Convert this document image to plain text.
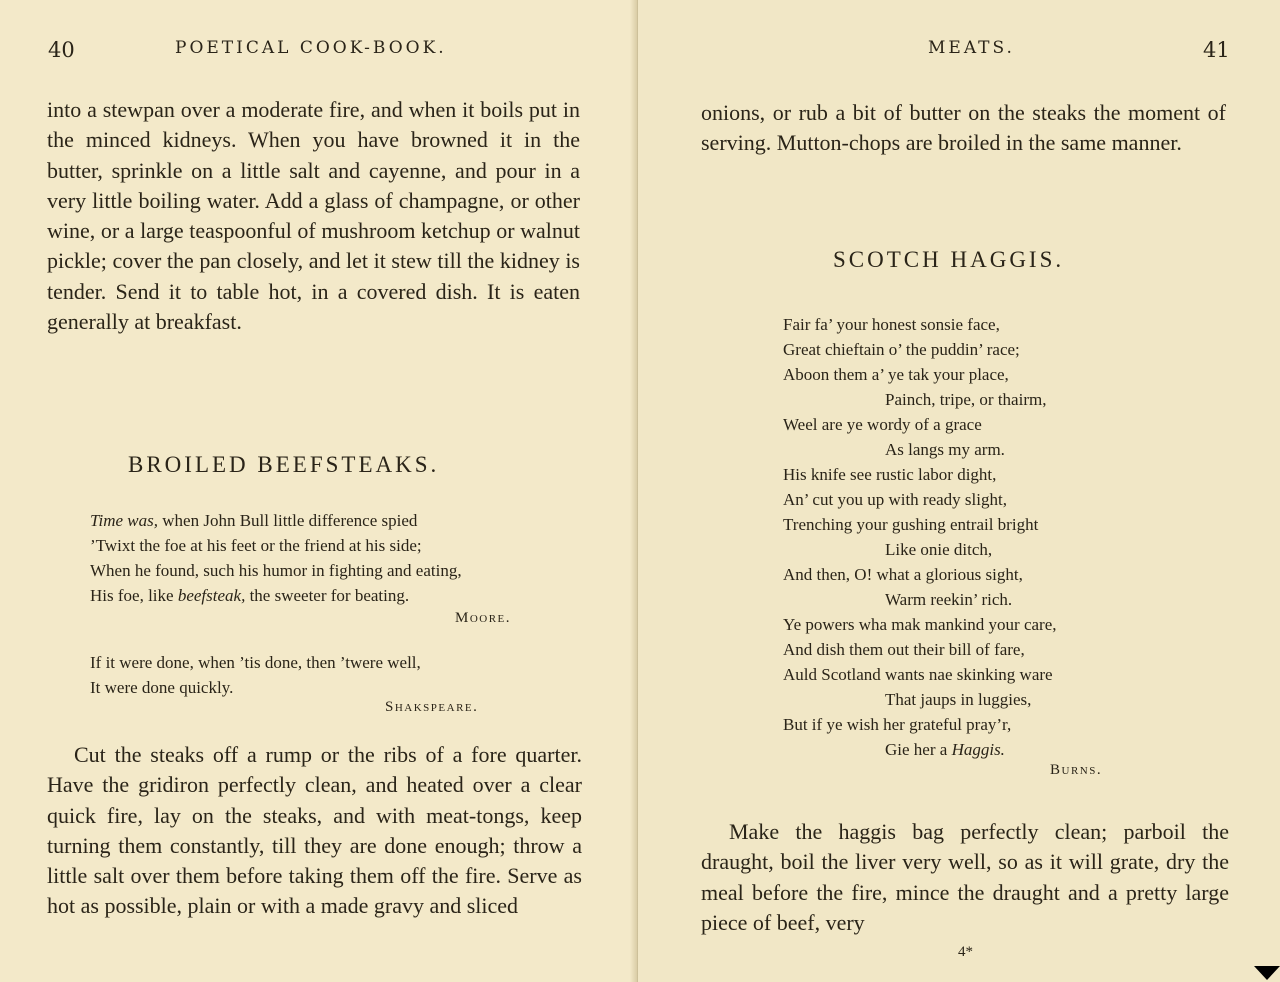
40	POETICAL COOK-BOOK.

into a stewpan over a moderate fire, and when it boils put in the minced kidneys. When you have browned it in the butter, sprinkle on a little salt and cayenne, and pour in a very little boiling water. Add a glass of champagne, or other wine, or a large teaspoonful of mushroom ketchup or walnut pickle; cover the pan closely, and let it stew till the kidney is tender. Send it to table hot, in a covered dish. It is eaten generally at breakfast.

BROILED BEEFSTEAKS.
Time was, when John Bull little difference spied
’Twixt the foe at his feet or the friend at his side;
When he found, such his humor in fighting and eating,
His foe, like beefsteak, the sweeter for beating.
Moore.
If it were done, when ’tis done, then ’twere well,
It were done quickly.
Shakspeare.

Cut the steaks off a rump or the ribs of a fore quarter. Have the gridiron perfectly clean, and heated over a clear quick fire, lay on the steaks, and with meat-tongs, keep turning them constantly, till they are done enough; throw a little salt over them before taking them off the fire. Serve as hot as possible, plain or with a made gravy and sliced

MEATS.	41

onions, or rub a bit of butter on the steaks the moment of serving. Mutton-chops are broiled in the same manner.

SCOTCH HAGGIS.
Fair fa’ your honest sonsie face,
Great chieftain o’ the puddin’ race;
Aboon them a’ ye tak your place,
Painch, tripe, or thairm,
Weel are ye wordy of a grace
As langs my arm.
His knife see rustic labor dight,
An’ cut you up with ready slight,
Trenching your gushing entrail bright
Like onie ditch,
And then, O! what a glorious sight,
Warm reekin’ rich.
Ye powers wha mak mankind your care,
And dish them out their bill of fare,
Auld Scotland wants nae skinking ware
That jaups in luggies,
But if ye wish her grateful pray’r,
Gie her a Haggis.
Burns.

Make the haggis bag perfectly clean; parboil the draught, boil the liver very well, so as it will grate, dry the meal before the fire, mince the draught and a pretty large piece of beef, very

4*
